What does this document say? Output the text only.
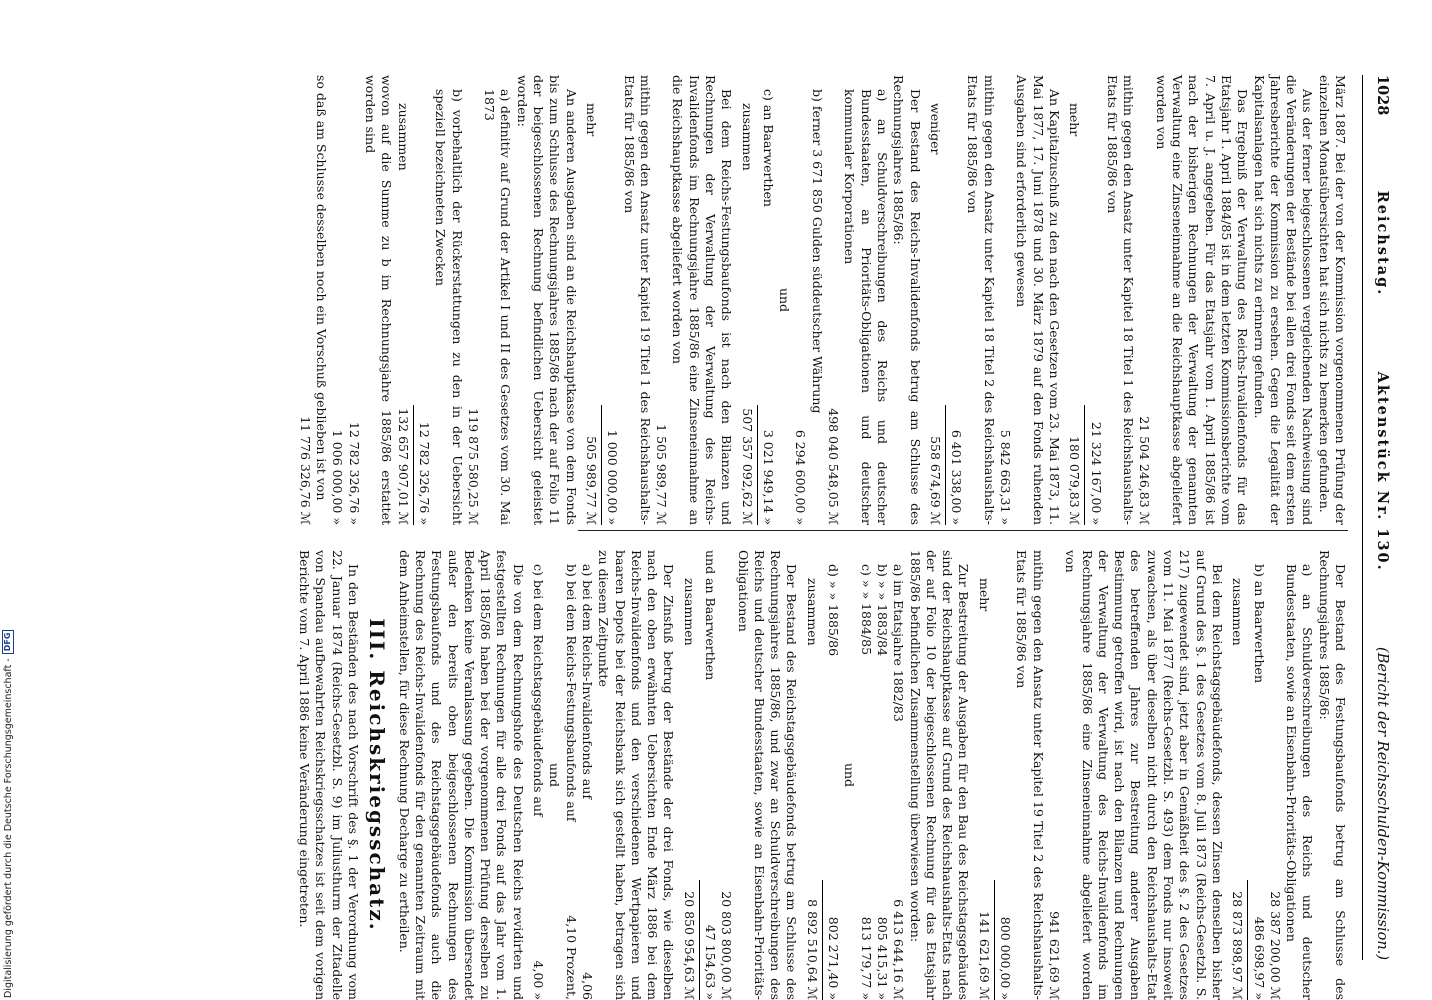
1028
Reichstag.
Aktenstück Nr. 130.
(Bericht der Reichsschulden-Kommission.)

März 1887. Bei der von der Kommission vorgenommenen Prüfung der einzelnen Monatsübersichten hat sich nichts zu bemerken gefunden.

Aus der ferner beigeschlossenen vergleichenden Nachweisung sind die Veränderungen der Bestände bei allen drei Fonds seit dem ersten Jahresberichte der Kommission zu ersehen. Gegen die Legalität der Kapitalsanlagen hat sich nichts zu erinnern gefunden.

Das Ergebniß der Verwaltung des Reichs-Invalidenfonds für das Etatsjahr 1. April 1884/85 ist in dem letzten Kommissionsberichte vom 7. April u. J. angegeben. Für das Etatsjahr vom 1. April 1885/86 ist nach der bisherigen Rechnungen der Verwaltung der genannten Verwaltung eine Zinseneinnahme an die Reichshauptkasse abgeliefert worden von

21 504 246,83 ℳ

mithin gegen den Ansatz unter Kapitel 18 Titel 1 des Reichshaushalts-Etats für 1885/86 von

21 324 167,00 »
mehr
180 079,83 ℳ

An Kapitalzuschuß zu den nach den Gesetzen vom 23. Mai 1873, 11. Mai 1877, 17. Juni 1878 und 30. März 1879 auf den Fonds ruhenden Ausgaben sind erforderlich gewesen

5 842 663,31 »

mithin gegen den Ansatz unter Kapitel 18 Titel 2 des Reichshaushalts-Etats für 1885/86 von

6 401 338,00 »
weniger
558 674,69 ℳ

Der Bestand des Reichs-Invalidenfonds betrug am Schlusse des Rechnungsjahres 1885/86:

a) an Schuldverschreibungen des Reichs und deutscher Bundesstaaten, an Prioritäts-Obligationen und deutscher kommunaler Korporationen

498 040 548,05 ℳ

b) ferner 3 671 850 Gulden süddeutscher Währung

6 294 600,00 »
und
c) an Baarwerthen
3 021 949,14 »
zusammen
507 357 092,62 ℳ

Bei dem Reichs-Festungsbaufonds ist nach den Bilanzen und Rechnungen der Verwaltung der Verwaltung des Reichs-Invalidenfonds im Rechnungsjahre 1885/86 eine Zinseneinnahme an die Reichshauptkasse abgeliefert worden von

1 505 989,77 ℳ

mithin gegen den Ansatz unter Kapitel 19 Titel 1 des Reichshaushalts-Etats für 1885/86 von

1 000 000,00 »
mehr
505 989,77 ℳ

An anderen Ausgaben sind an die Reichshauptkasse von dem Fonds bis zum Schlusse des Rechnungsjahres 1885/86 nach der auf Folio 11 der beigeschlossenen Rechnung befindlichen Uebersicht geleistet worden:

a) definitiv auf Grund der Artikel I und II des Gesetzes vom 30. Mai 1873

119 875 580,25 ℳ

b) vorbehaltlich der Rückerstattungen zu den in der Uebersicht speziell bezeichneten Zwecken

12 782 326,76 »
zusammen
132 657 907,01 ℳ

wovon auf die Summe zu b im Rechnungsjahre 1885/86 erstattet worden sind

12 782 326,76 »
1 006 000,00 »

so daß am Schlusse desselben noch ein Vorschuß geblieben ist von

11 776 326,76 ℳ

Der Bestand des Festungsbaufonds betrug am Schlusse des Rechnungsjahres 1885/86:

a) an Schuldverschreibungen des Reichs und deutscher Bundesstaaten, sowie an Eisenbahn-Prioritäts-Obligationen

28 387 200,00 ℳ
b) an Baarwerthen
486 698,97 »
zusammen
28 873 898,97 ℳ

Bei dem Reichstagsgebäudefonds, dessen Zinsen denselben bisher auf Grund des §. 1 des Gesetzes vom 8. Juli 1873 (Reichs-Gesetzbl. S. 217) zugewendet sind, jetzt aber in Gemäßheit des §. 2 des Gesetzes vom 11. Mai 1877 (Reichs-Gesetzbl. S. 493) dem Fonds nur insoweit zuwachsen, als über dieselben nicht durch den Reichshaushalts-Etat des betreffenden Jahres zur Bestreitung anderer Ausgaben Bestimmung getroffen wird, ist nach den Bilanzen und Rechnungen der Verwaltung der Verwaltung des Reichs-Invalidenfonds im Rechnungsjahre 1885/86 eine Zinseneinnahme abgeliefert worden von

941 621,69 ℳ

mithin gegen den Ansatz unter Kapitel 19 Titel 2 des Reichshaushalts-Etats für 1885/86 von

800 000,00 »
mehr
141 621,69 ℳ

Zur Bestreitung der Ausgaben für den Bau des Reichstagsgebäudes sind der Reichshauptkasse auf Grund des Reichshaushalts-Etats nach der auf Folio 10 der beigeschlossenen Rechnung für das Etatsjahr 1885/86 befindlichen Zusammenstellung überwiesen worden:

a) im Etatsjahre 1882/83
6 413 644,16 ℳ
b) » » 1883/84
805 415,31 »
c) » » 1884/85
813 179,77 »
und
d) » » 1885/86
802 271,40 »
zusammen
8 892 510,64 ℳ

Der Bestand des Reichstagsgebäudefonds betrug am Schlusse des Rechnungsjahres 1885/86, und zwar an Schuldverschreibungen des Reichs und deutscher Bundesstaaten, sowie an Eisenbahn-Prioritäts-Obligationen

20 803 800,00 ℳ
und an Baarwerthen
47 154,63 »
zusammen
20 850 954,63 ℳ

Der Zinsfuß betrug der Bestände der drei Fonds, wie dieselben nach den oben erwähnten Uebersichten Ende März 1886 bei dem Reichs-Invalidenfonds und den verschiedenen Wertpapieren und baaren Depots bei der Reichsbank sich gestellt haben, betragen sich zu diesem Zeitpunkte

a) bei dem Reichs-Invalidenfonds auf
4,06
b) bei dem Reichs-Festungsbaufonds auf
4,10 Prozent,
und
c) bei dem Reichstagsgebäudefonds auf
4,00 »

Die von dem Rechnungshofe des Deutschen Reichs revidirten und festgestellten Rechnungen für alle drei Fonds auf das Jahr vom 1. April 1885/86 haben bei der vorgenommenen Prüfung derselben zu Bedenken keine Veranlassung gegeben. Die Kommission übersendet außer den bereits oben beigeschlossenen Rechnungen des Festungsbaufonds und des Reichstagsgebäudefonds auch die Rechnung des Reichs-Invalidenfonds für den genannten Zeitraum mit dem Anheimstellen, für diese Rechnung Decharge zu ertheilen.

III. Reichskriegsschatz.

In den Beständen des nach Vorschrift des §. 1 der Verordnung vom 22. Januar 1874 (Reichs-Gesetzbl. S. 9) im Juliusthurm der Zitadelle von Spandau aufbewahrten Reichskriegsschatzes ist seit dem vorigen Berichte vom 7. April 1886 keine Veränderung eingetreten.

Digitalisierung gefördert durch die Deutsche Forschungsgemeinschaft -
DFG
